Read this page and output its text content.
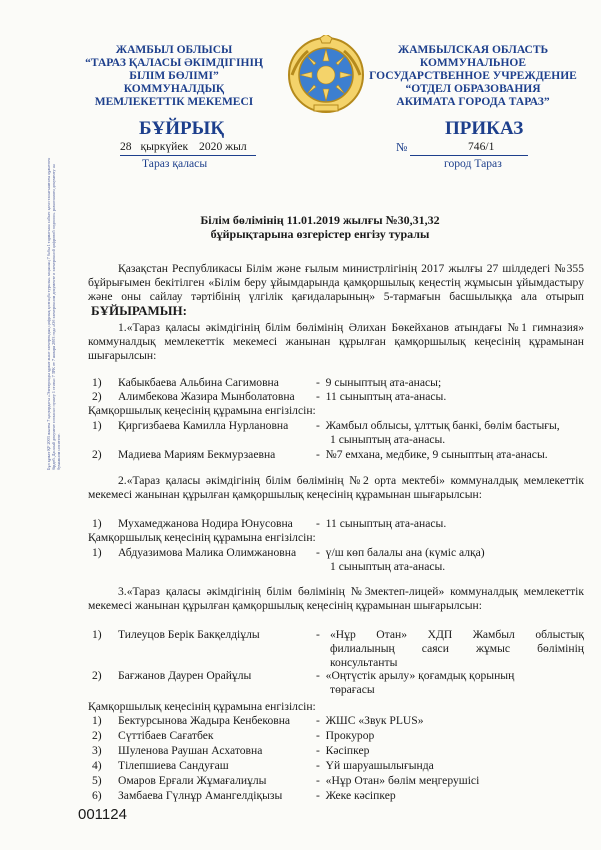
ЖАМБЫЛ ОБЛЫСЫ
“ТАРАЗ ҚАЛАСЫ ӘКІМДІГІНІҢ
БІЛІМ БӨЛІМІ”
КОММУНАЛДЫҚ
МЕМЛЕКЕТТІК МЕКЕМЕСІ
ЖАМБЫЛСКАЯ ОБЛАСТЬ
КОММУНАЛЬНОЕ
ГОСУДАРСТВЕННОЕ УЧРЕЖДЕНИЕ
“ОТДЕЛ ОБРАЗОВАНИЯ
АКИМАТА ГОРОДА ТАРАЗ”
БҰЙРЫҚ	ПРИКАЗ
28 қыркүйек 2020 жыл	№	746/1
Тараз қаласы	город Тараз
Білім бөлімінің 11.01.2019 жылғы №30,31,32
бұйрықтарына өзгерістер енгізу туралы
Қазақстан Республикасы Білім және ғылым министрлігінің 2017 жылғы 27 шілдедегі №355 бұйрығымен бекітілген «Білім беру ұйымдарында қамқоршылық кеңестің жұмысын ұйымдастыру және оны сайлау тәртібінің үлгілік қағидаларының» 5-тармағын басшылыққа ала отырып БҰЙЫРАМЫН:
1.«Тараз қаласы әкімдігінің білім бөлімінің Әлихан Бөкейханов атындағы №1 гимназия» коммуналдық мемлекеттік мекемесі жанынан құрылған қамқоршылық кеңесінің құрамынан шығарылсын:
1) Кабыкбаева Альбина Сагимовна	-  9 сыныптың ата-анасы;
2) Алимбекова Жазира Мынболатовна -  11 сыныптың ата-анасы.
Қамқоршылық кеңесінің құрамына енгізілсін:
1) Қиргизбаева Камилла Нурлановна -  Жамбыл облысы, ұлттық банкі, бөлім бастығы,
1 сыныптың ата-анасы.
2) Мадиева Мариям Бекмурзаевна	-  №7 емхана, медбике, 9 сыныптың ата-анасы.
2.«Тараз қаласы әкімдігінің білім бөлімінің №2 орта мектебі» коммуналдық мемлекеттік мекемесі жанынан құрылған қамқоршылық кеңесінің құрамынан шығарылсын:
1) Мухамеджанова Нодира Юнусовна -  11 сыныптың ата-анасы.
Қамқоршылық кеңесінің құрамына енгізілсін:
1) Абдуазимова Малика Олимжановна -  ү/ш көп балалы ана (күміс алқа)
1 сыныптың ата-анасы.
3.«Тараз қаласы әкімдігінің білім бөлімінің №3мектеп-лицей» коммуналдық мемлекеттік мекемесі жанынан құрылған қамқоршылық кеңесінің құрамынан шығарылсын:
1) Тилеуцов Берік Бакқелдіұлы	- «Нұр Отан» ХДП Жамбыл облыстық
филиалының саяси жұмыс бөлімінің
консультанты
2) Бағжанов Даурен Орайұлы	-  «Оңтүстік арылу» қоғамдық қорының
төрағасы
Қамқоршылық кеңесінің құрамына енгізілсін:
1) Бектурсынова Жадыра Кенбековна -  ЖШС «Звук PLUS»
2) Сүттібаев Сағатбек	-  Прокурор
3) Шуленова Раушан Асхатовна	-  Кәсіпкер
4) Тілепшиева Сандуғаш	-  Үй шаруашылығында
5) Омаров Ерғали Жұмағалиұлы	-  «Нұр Отан» бөлім меңгерушісі
6) Замбаева Гүлнұр Амангелдіқызы	-  Жеке кәсіпкер
Бұл құжат ҚР 2003 жылғы 7 қаңтардағы «Электронды құжат және электрондық цифрлық қолтаңба туралы» заңының 7 бабы 1 тармағына сәйкес қағаз тасығыштағы құжатпен бірдей. Данный документ согласно пункту 1 статьи 7 ЗРК от 7 января 2003 года «Об электронном документе и электронной цифровой подписи» равнозначен документу на бумажном носителе.
001124
